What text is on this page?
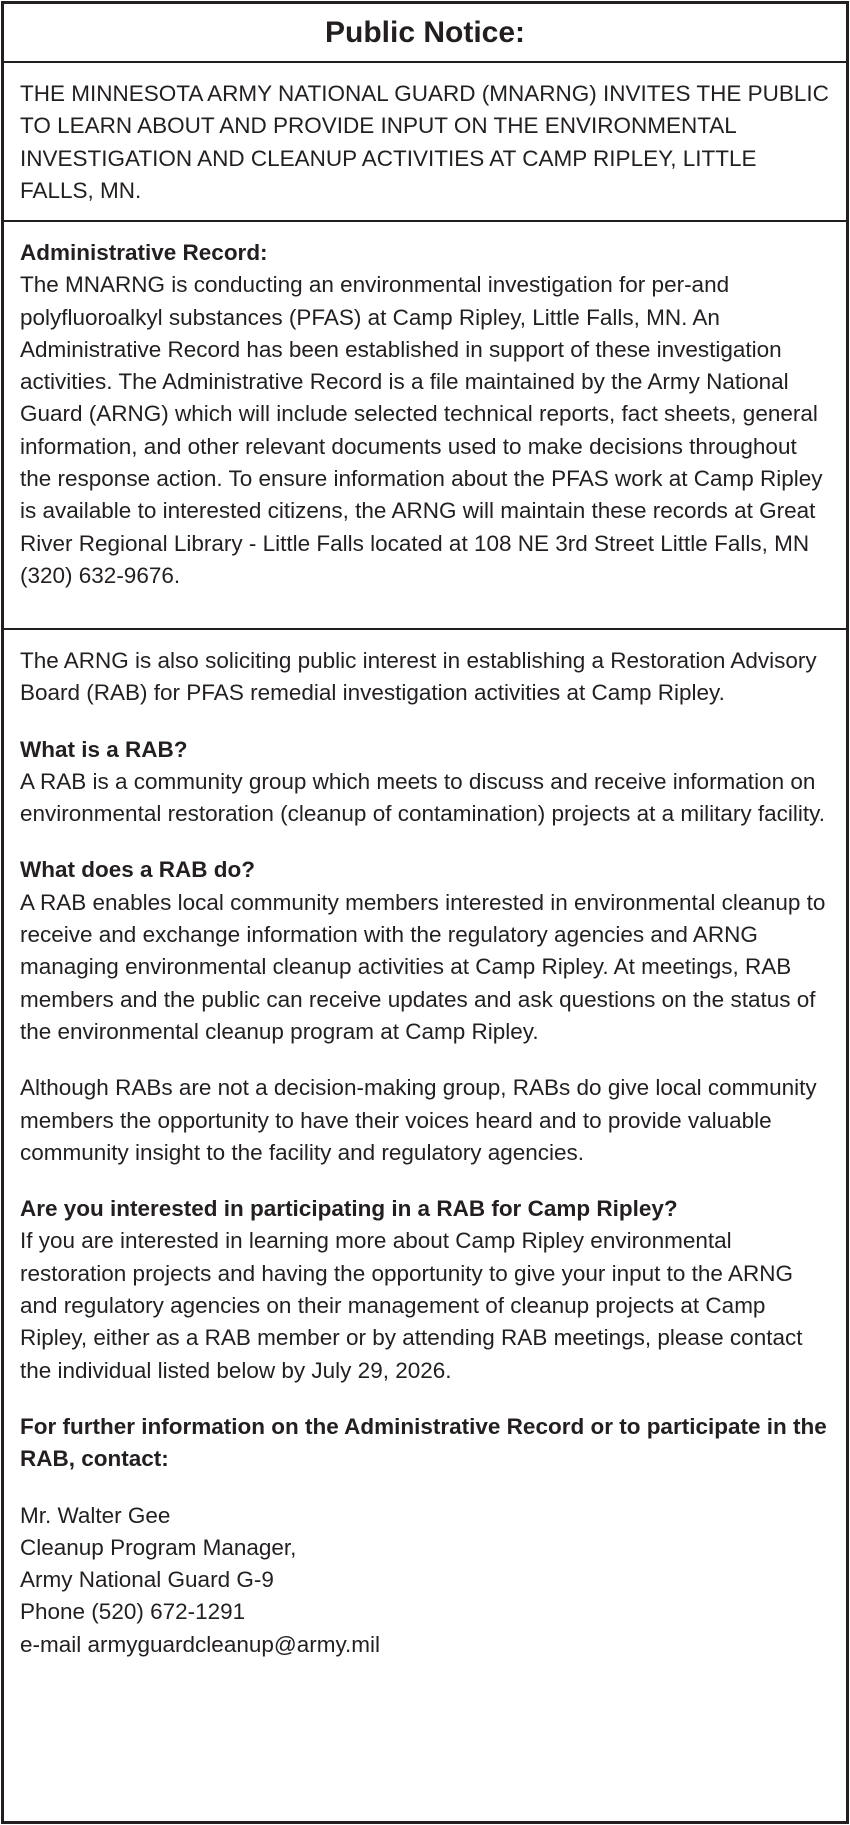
Public Notice:

THE MINNESOTA ARMY NATIONAL GUARD (MNARNG) INVITES THE PUBLIC TO LEARN ABOUT AND PROVIDE INPUT ON THE ENVIRONMENTAL INVESTIGATION AND CLEANUP ACTIVITIES AT CAMP RIPLEY, LITTLE FALLS, MN.

Administrative Record:

The MNARNG is conducting an environmental investigation for per-and polyfluoroalkyl substances (PFAS) at Camp Ripley, Little Falls, MN. An Administrative Record has been established in support of these investigation activities. The Administrative Record is a file maintained by the Army National Guard (ARNG) which will include selected technical reports, fact sheets, general information, and other relevant documents used to make decisions throughout the response action. To ensure information about the PFAS work at Camp Ripley is available to interested citizens, the ARNG will maintain these records at Great River Regional Library - Little Falls located at 108 NE 3rd Street Little Falls, MN (320) 632-9676.

The ARNG is also soliciting public interest in establishing a Restoration Advisory Board (RAB) for PFAS remedial investigation activities at Camp Ripley.

What is a RAB?

A RAB is a community group which meets to discuss and receive information on environmental restoration (cleanup of contamination) projects at a military facility.

What does a RAB do?

A RAB enables local community members interested in environmental cleanup to receive and exchange information with the regulatory agencies and ARNG managing environmental cleanup activities at Camp Ripley. At meetings, RAB members and the public can receive updates and ask questions on the status of the environmental cleanup program at Camp Ripley.

Although RABs are not a decision-making group, RABs do give local community members the opportunity to have their voices heard and to provide valuable community insight to the facility and regulatory agencies.

Are you interested in participating in a RAB for Camp Ripley?

If you are interested in learning more about Camp Ripley environmental restoration projects and having the opportunity to give your input to the ARNG and regulatory agencies on their management of cleanup projects at Camp Ripley, either as a RAB member or by attending RAB meetings, please contact the individual listed below by July 29, 2026.

For further information on the Administrative Record or to participate in the RAB, contact:

Mr. Walter Gee
Cleanup Program Manager,
Army National Guard G-9
Phone (520) 672-1291
e-mail armyguardcleanup@army.mil
